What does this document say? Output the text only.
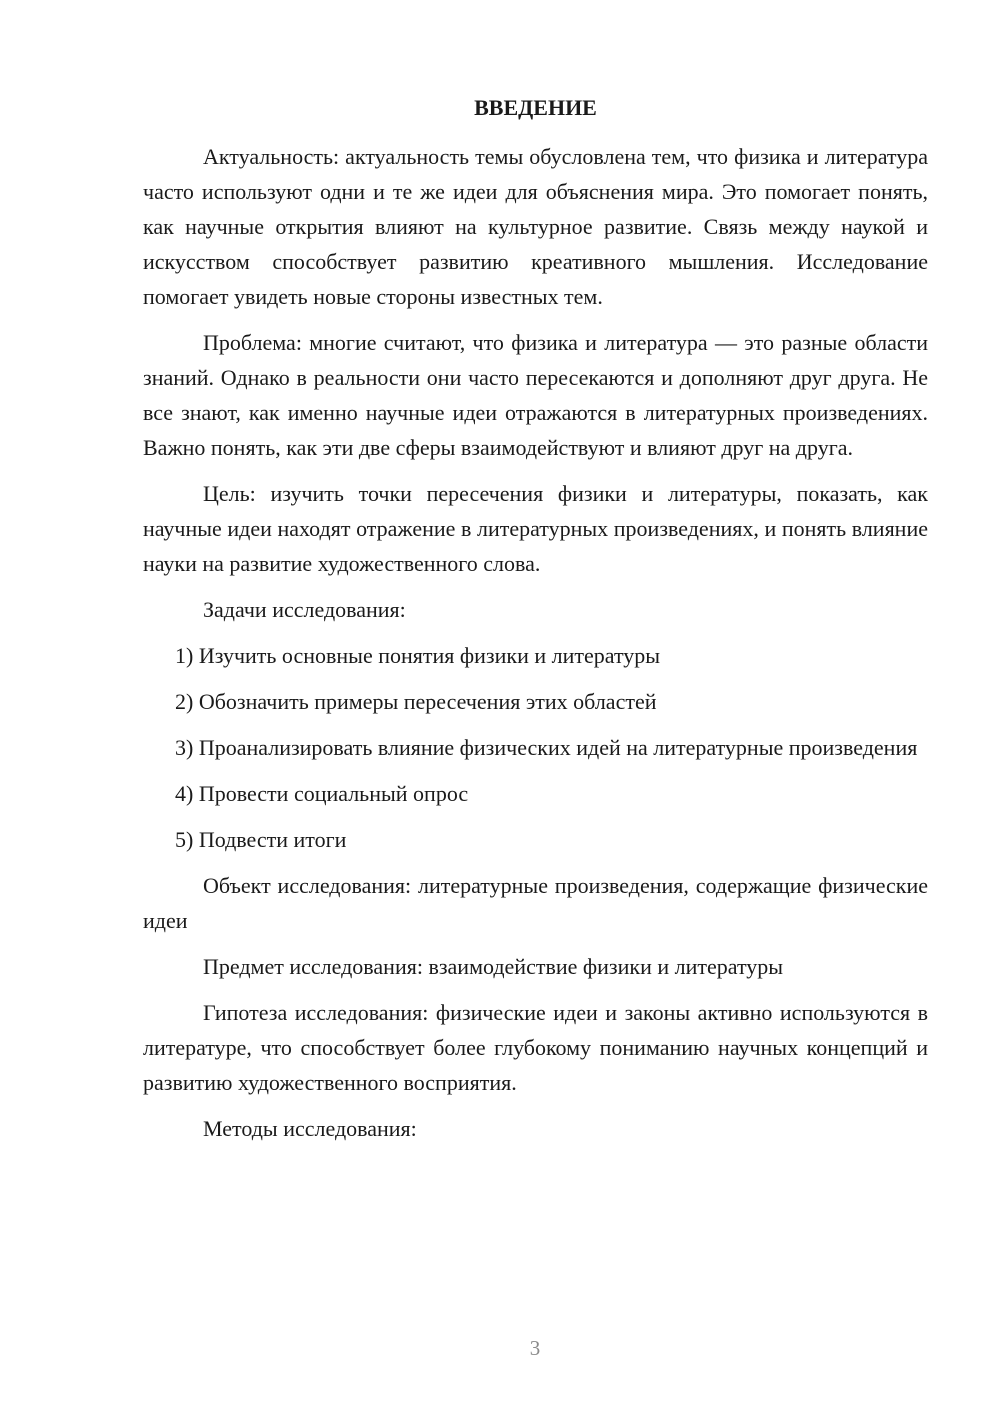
ВВЕДЕНИЕ

Актуальность: актуальность темы обусловлена тем, что физика и литература часто используют одни и те же идеи для объяснения мира. Это помогает понять, как научные открытия влияют на культурное развитие. Связь между наукой и искусством способствует развитию креативного мышления. Исследование помогает увидеть новые стороны известных тем.

Проблема: многие считают, что физика и литература — это разные области знаний. Однако в реальности они часто пересекаются и дополняют друг друга. Не все знают, как именно научные идеи отражаются в литературных произведениях. Важно понять, как эти две сферы взаимодействуют и влияют друг на друга.

Цель: изучить точки пересечения физики и литературы, показать, как научные идеи находят отражение в литературных произведениях, и понять влияние науки на развитие художественного слова.

Задачи исследования:

1) Изучить основные понятия физики и литературы

2) Обозначить примеры пересечения этих областей

3) Проанализировать влияние физических идей на литературные произведения

4) Провести социальный опрос

5) Подвести итоги

Объект исследования: литературные произведения, содержащие физические идеи

Предмет исследования: взаимодействие физики и литературы

Гипотеза исследования: физические идеи и законы активно используются в литературе, что способствует более глубокому пониманию научных концепций и развитию художественного восприятия.

Методы исследования:

3
